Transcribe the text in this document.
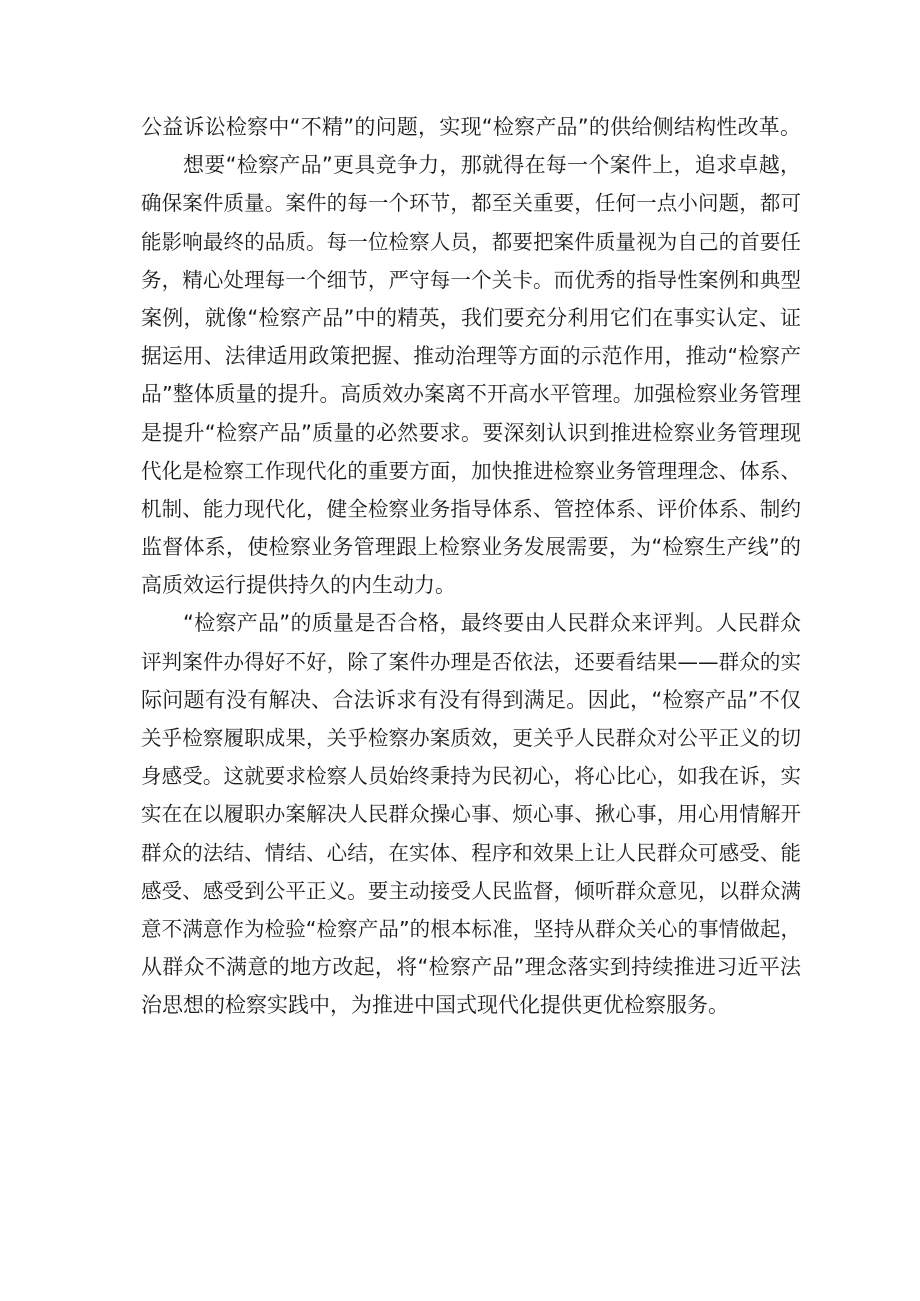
公益诉讼检察中“不精”的问题，实现“检察产品”的供给侧结构性改革。
想要“检察产品”更具竞争力，那就得在每一个案件上，追求卓越，
确保案件质量。案件的每一个环节，都至关重要，任何一点小问题，都可
能影响最终的品质。每一位检察人员，都要把案件质量视为自己的首要任
务，精心处理每一个细节，严守每一个关卡。而优秀的指导性案例和典型
案例，就像“检察产品”中的精英，我们要充分利用它们在事实认定、证
据运用、法律适用政策把握、推动治理等方面的示范作用，推动“检察产
品”整体质量的提升。高质效办案离不开高水平管理。加强检察业务管理
是提升“检察产品”质量的必然要求。要深刻认识到推进检察业务管理现
代化是检察工作现代化的重要方面，加快推进检察业务管理理念、体系、
机制、能力现代化，健全检察业务指导体系、管控体系、评价体系、制约
监督体系，使检察业务管理跟上检察业务发展需要，为“检察生产线”的
高质效运行提供持久的内生动力。
“检察产品”的质量是否合格，最终要由人民群众来评判。人民群众
评判案件办得好不好，除了案件办理是否依法，还要看结果——群众的实
际问题有没有解决、合法诉求有没有得到满足。因此，“检察产品”不仅
关乎检察履职成果，关乎检察办案质效，更关乎人民群众对公平正义的切
身感受。这就要求检察人员始终秉持为民初心，将心比心，如我在诉，实
实在在以履职办案解决人民群众操心事、烦心事、揪心事，用心用情解开
群众的法结、情结、心结，在实体、程序和效果上让人民群众可感受、能
感受、感受到公平正义。要主动接受人民监督，倾听群众意见，以群众满
意不满意作为检验“检察产品”的根本标准，坚持从群众关心的事情做起，
从群众不满意的地方改起，将“检察产品”理念落实到持续推进习近平法
治思想的检察实践中，为推进中国式现代化提供更优检察服务。
